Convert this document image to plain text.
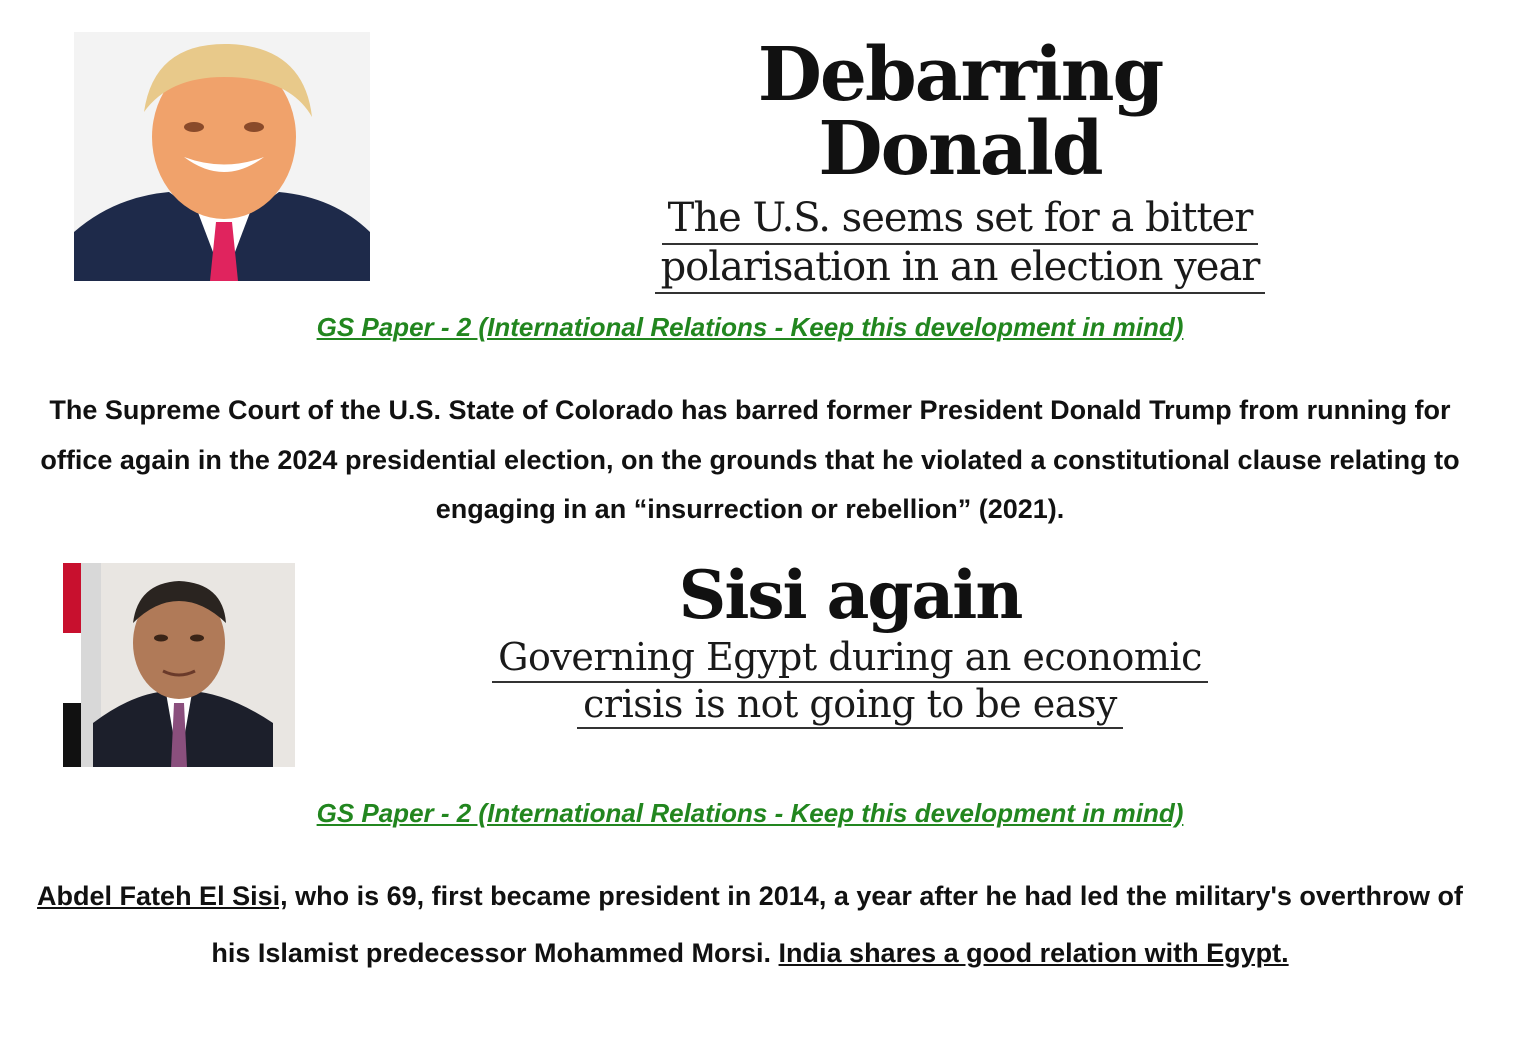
Debarring Donald
The U.S. seems set for a bitter
polarisation in an election year
GS Paper - 2 (International Relations - Keep this development in mind)
The Supreme Court of the U.S. State of Colorado has barred former President Donald Trump from running for office again in the 2024 presidential election, on the grounds that he violated a constitutional clause relating to engaging in an “insurrection or rebellion” (2021).
Sisi again
Governing Egypt during an economic
crisis is not going to be easy
GS Paper - 2 (International Relations - Keep this development in mind)
Abdel Fateh El Sisi, who is 69, first became president in 2014, a year after he had led the military's overthrow of his Islamist predecessor Mohammed Morsi. India shares a good relation with Egypt.
